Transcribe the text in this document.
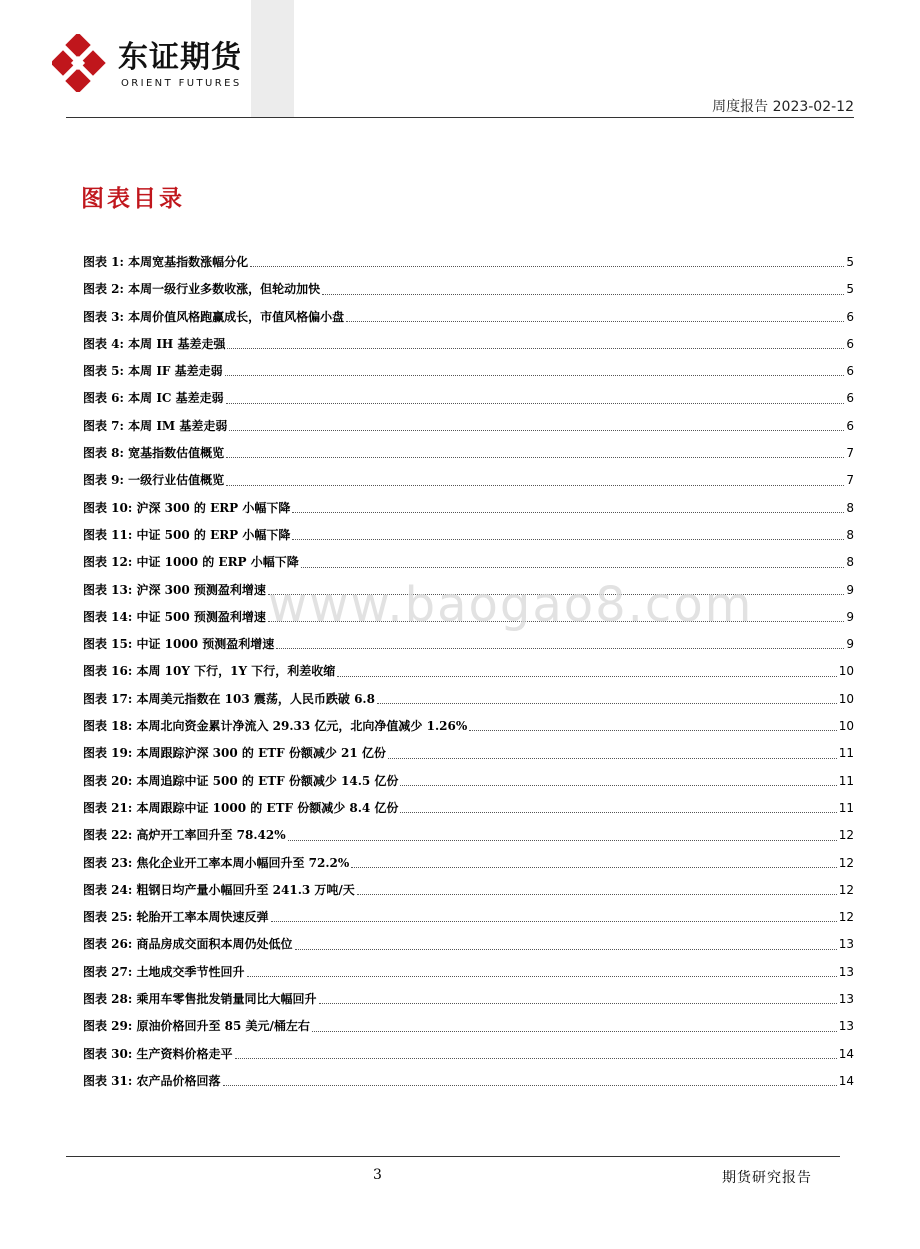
东证期货
ORIENT FUTURES
周度报告 2023-02-12
图表目录
图表 1: 本周宽基指数涨幅分化	5
图表 2: 本周一级行业多数收涨，但轮动加快	5
图表 3: 本周价值风格跑赢成长，市值风格偏小盘	6
图表 4: 本周 IH 基差走强	6
图表 5: 本周 IF 基差走弱	6
图表 6: 本周 IC 基差走弱	6
图表 7: 本周 IM 基差走弱	6
图表 8: 宽基指数估值概览	7
图表 9: 一级行业估值概览	7
图表 10: 沪深 300 的 ERP 小幅下降	8
图表 11: 中证 500 的 ERP 小幅下降	8
图表 12: 中证 1000 的 ERP 小幅下降	8
图表 13: 沪深 300 预测盈利增速	9
图表 14: 中证 500 预测盈利增速	9
图表 15: 中证 1000 预测盈利增速	9
图表 16: 本周 10Y 下行，1Y 下行，利差收缩	10
图表 17: 本周美元指数在 103 震荡，人民币跌破 6.8	10
图表 18: 本周北向资金累计净流入 29.33 亿元，北向净值减少 1.26%	10
图表 19: 本周跟踪沪深 300 的 ETF 份额减少 21 亿份	11
图表 20: 本周追踪中证 500 的 ETF 份额减少 14.5 亿份	11
图表 21: 本周跟踪中证 1000 的 ETF 份额减少 8.4 亿份	11
图表 22: 高炉开工率回升至 78.42%	12
图表 23: 焦化企业开工率本周小幅回升至 72.2%	12
图表 24: 粗钢日均产量小幅回升至 241.3 万吨/天	12
图表 25: 轮胎开工率本周快速反弹	12
图表 26: 商品房成交面积本周仍处低位	13
图表 27: 土地成交季节性回升	13
图表 28: 乘用车零售批发销量同比大幅回升	13
图表 29: 原油价格回升至 85 美元/桶左右	13
图表 30: 生产资料价格走平	14
图表 31: 农产品价格回落	14
www.baogao8.com
3	期货研究报告
